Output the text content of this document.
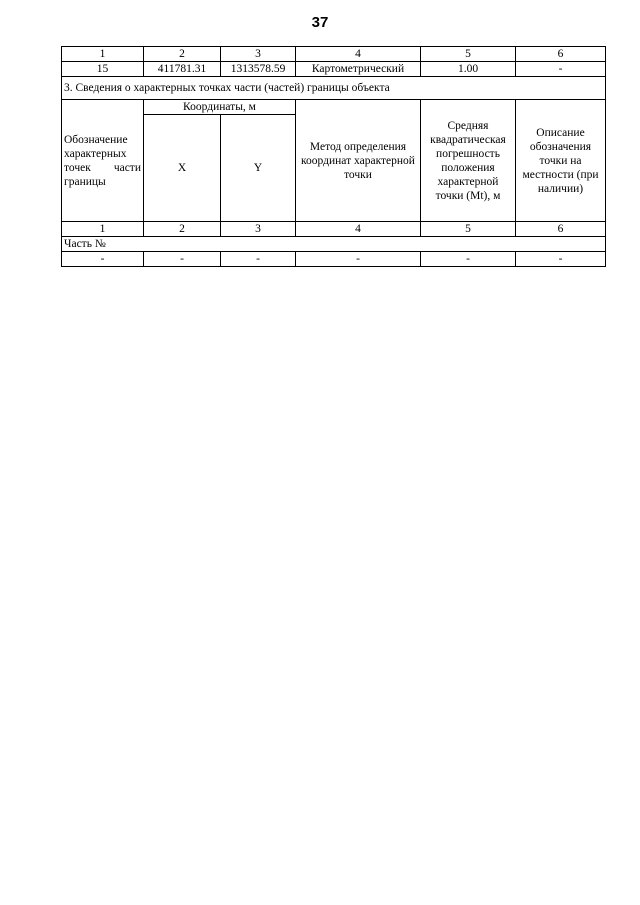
37
1	2	3	4	5	6
15	411781.31	1313578.59	Картометрический	1.00	-
3. Сведения о характерных точках части (частей) границы объекта					

Обозначение характерных точек части границы	Координаты, м		Метод определения координат характерной точки	Средняя квадратическая погрешность положения характерной точки (Mt), м	Описание обозначения точки на местности (при наличии)
	X	Y			
1	2	3	4	5	6
Часть №					
-	-	-	-	-	-
